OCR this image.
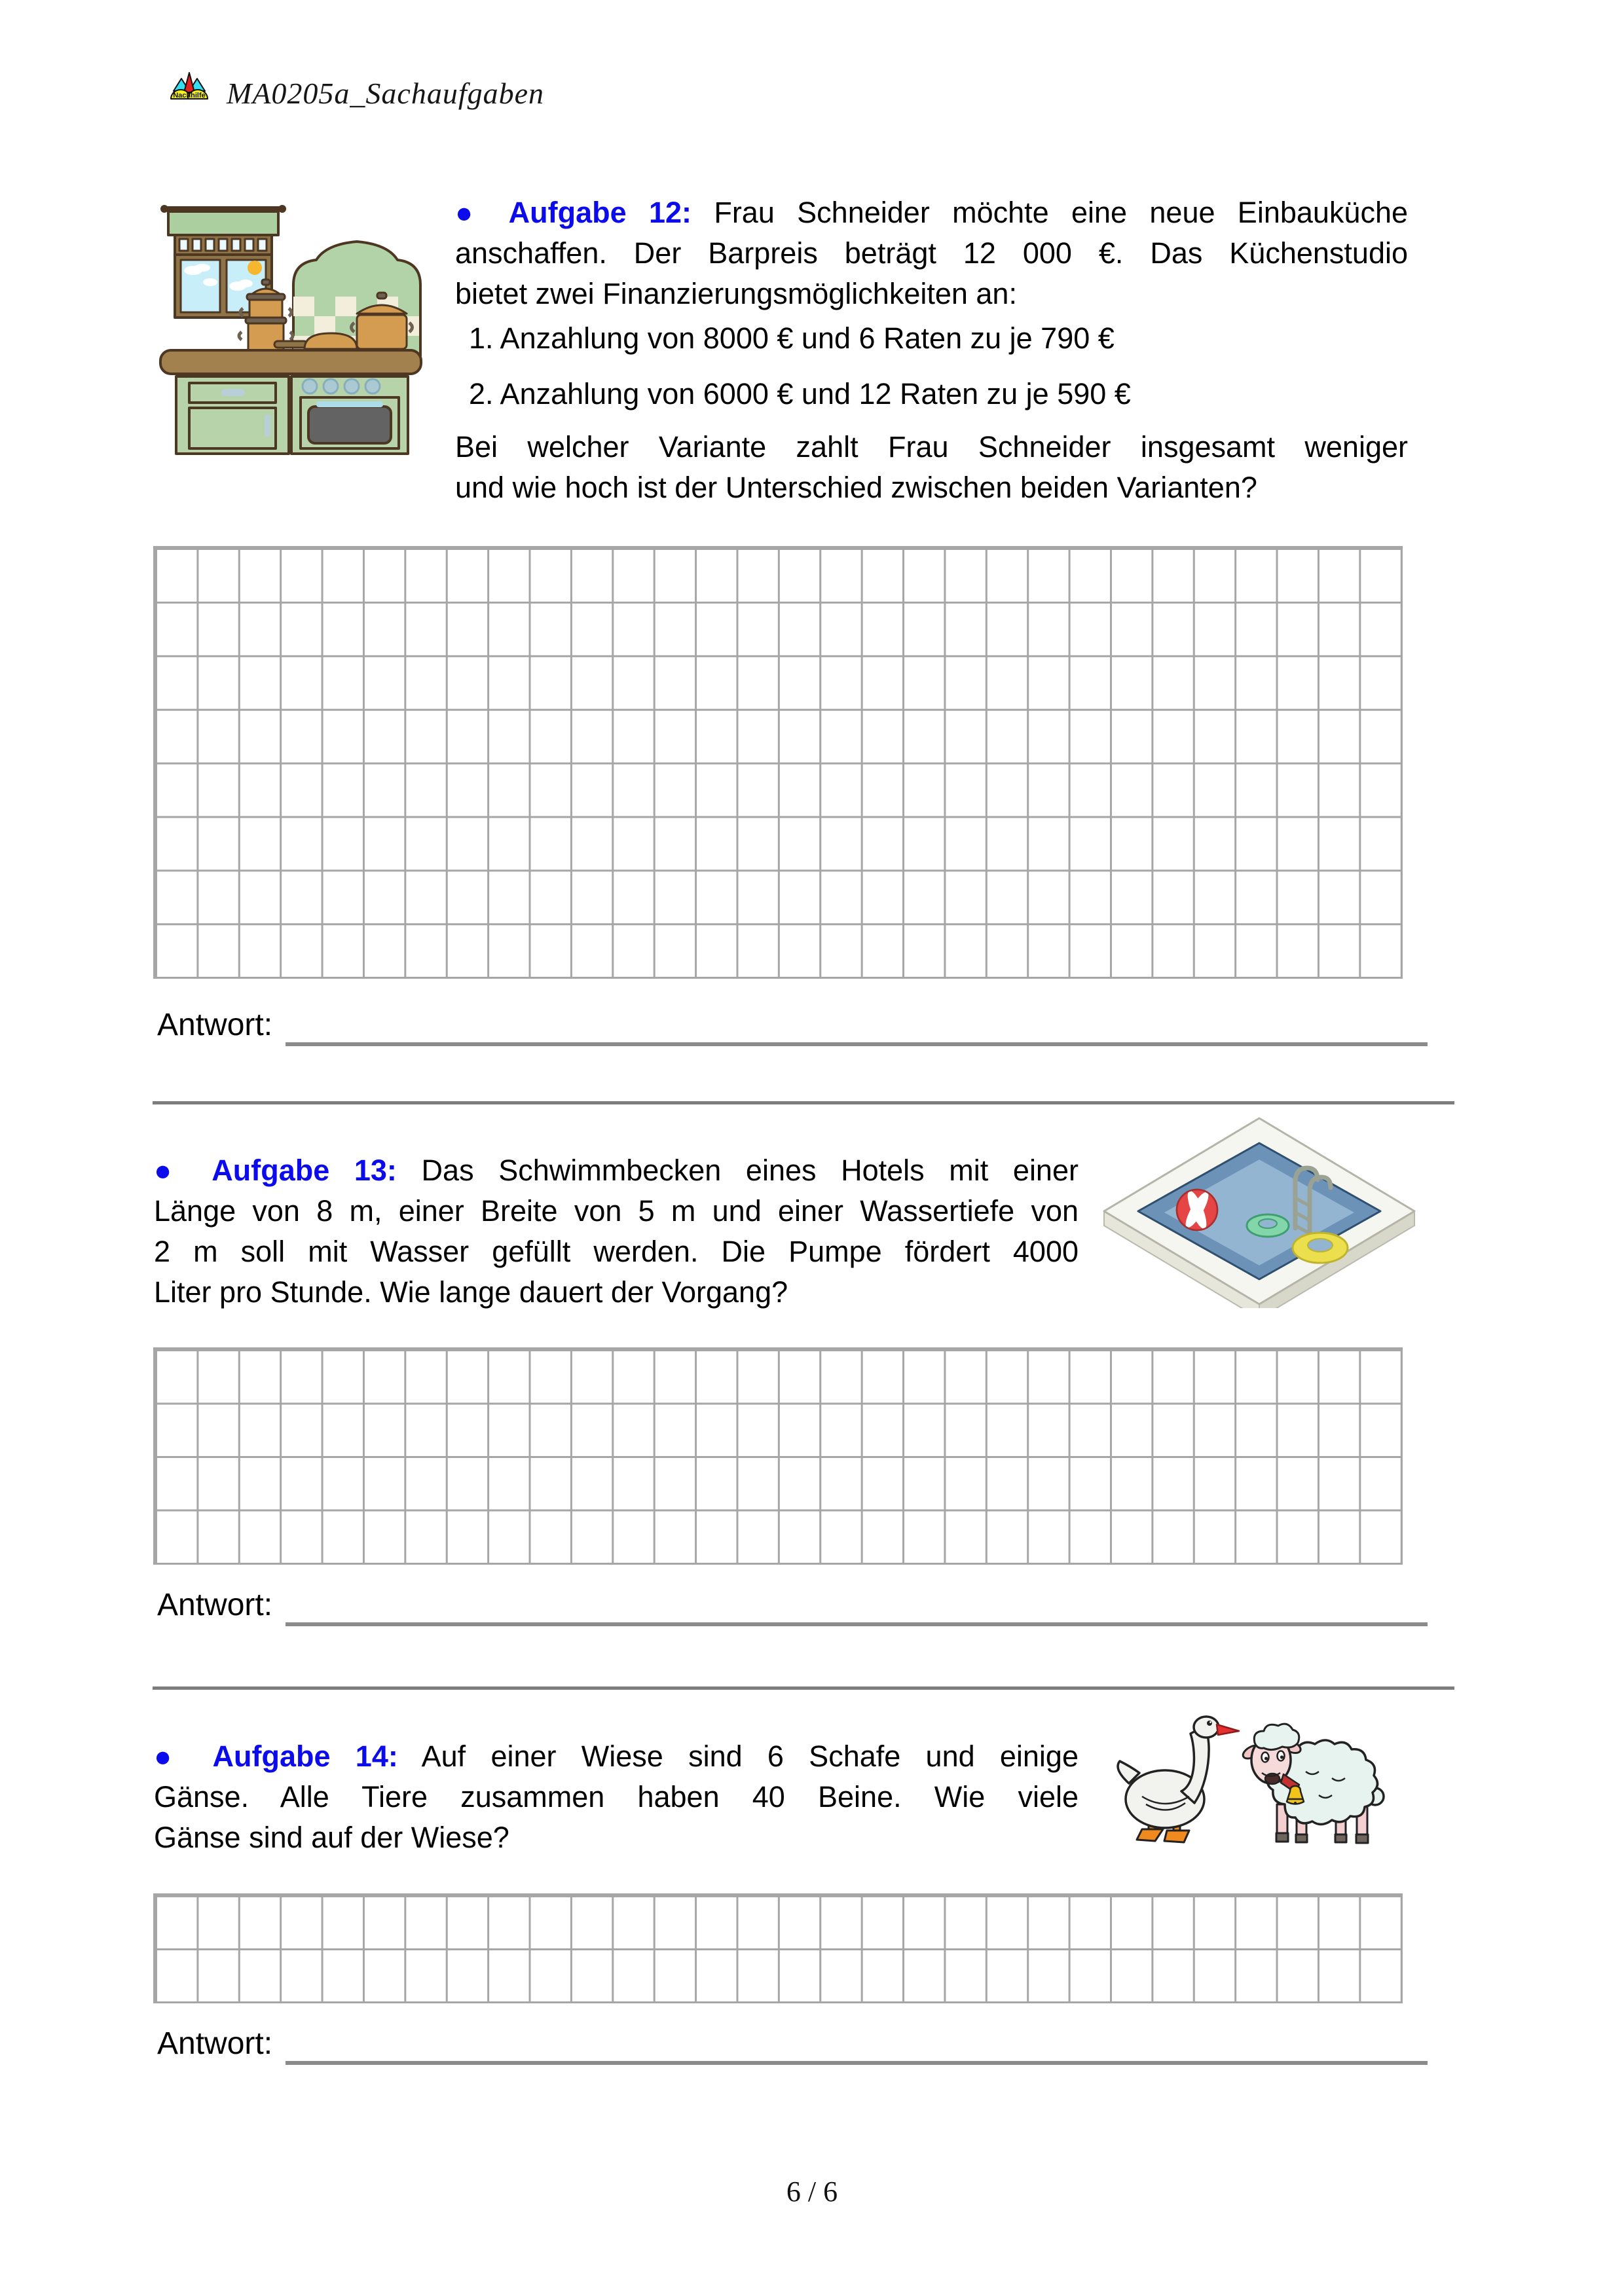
Nachhilfe MA0205a_Sachaufgaben
● Aufgabe 12: Frau Schneider möchte eine neue Einbauküche
anschaffen. Der Barpreis beträgt 12 000 €. Das Küchenstudio
bietet zwei Finanzierungsmöglichkeiten an:
1. Anzahlung von 8000 € und 6 Raten zu je 790 €
2. Anzahlung von 6000 € und 12 Raten zu je 590 €
Bei welcher Variante zahlt Frau Schneider insgesamt weniger
und wie hoch ist der Unterschied zwischen beiden Varianten?
Antwort:
● Aufgabe 13: Das Schwimmbecken eines Hotels mit einer
Länge von 8 m, einer Breite von 5 m und einer Wassertiefe von
2 m soll mit Wasser gefüllt werden. Die Pumpe fördert 4000
Liter pro Stunde. Wie lange dauert der Vorgang?
Antwort:
● Aufgabe 14: Auf einer Wiese sind 6 Schafe und einige
Gänse. Alle Tiere zusammen haben 40 Beine. Wie viele
Gänse sind auf der Wiese?
Antwort:
6 / 6
